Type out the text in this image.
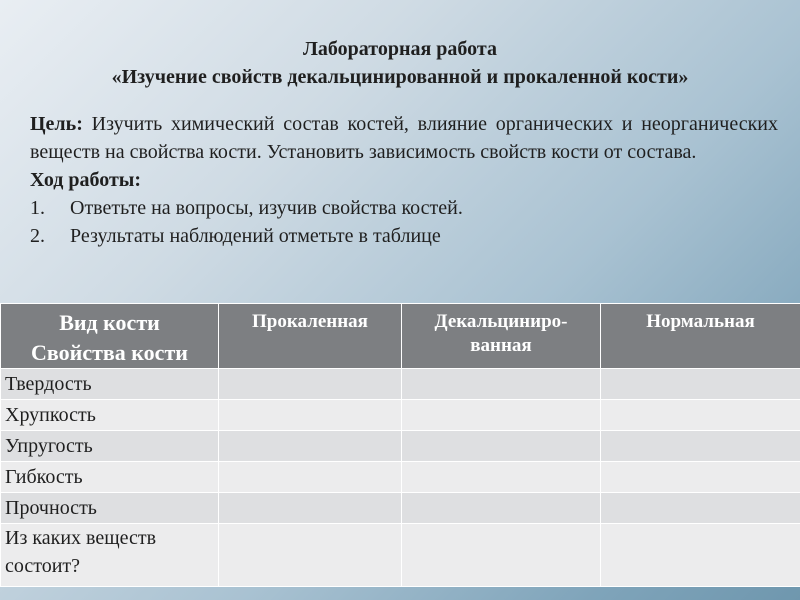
Лабораторная работа
«Изучение свойств декальцинированной и прокаленной кости»

Цель: Изучить химический состав костей, влияние органических и неорганических веществ на свойства кости. Установить зависимость свойств кости от состава.

Ход работы:

1.	Ответьте на вопросы, изучив свойства костей.
2.	Результаты наблюдений отметьте в таблице
Вид кости
Свойства кости	Прокаленная	Декальциниро-ванная	Нормальная
Твердость			
Хрупкость			
Упругость			
Гибкость			
Прочность			
Из каких веществ состоит?			
